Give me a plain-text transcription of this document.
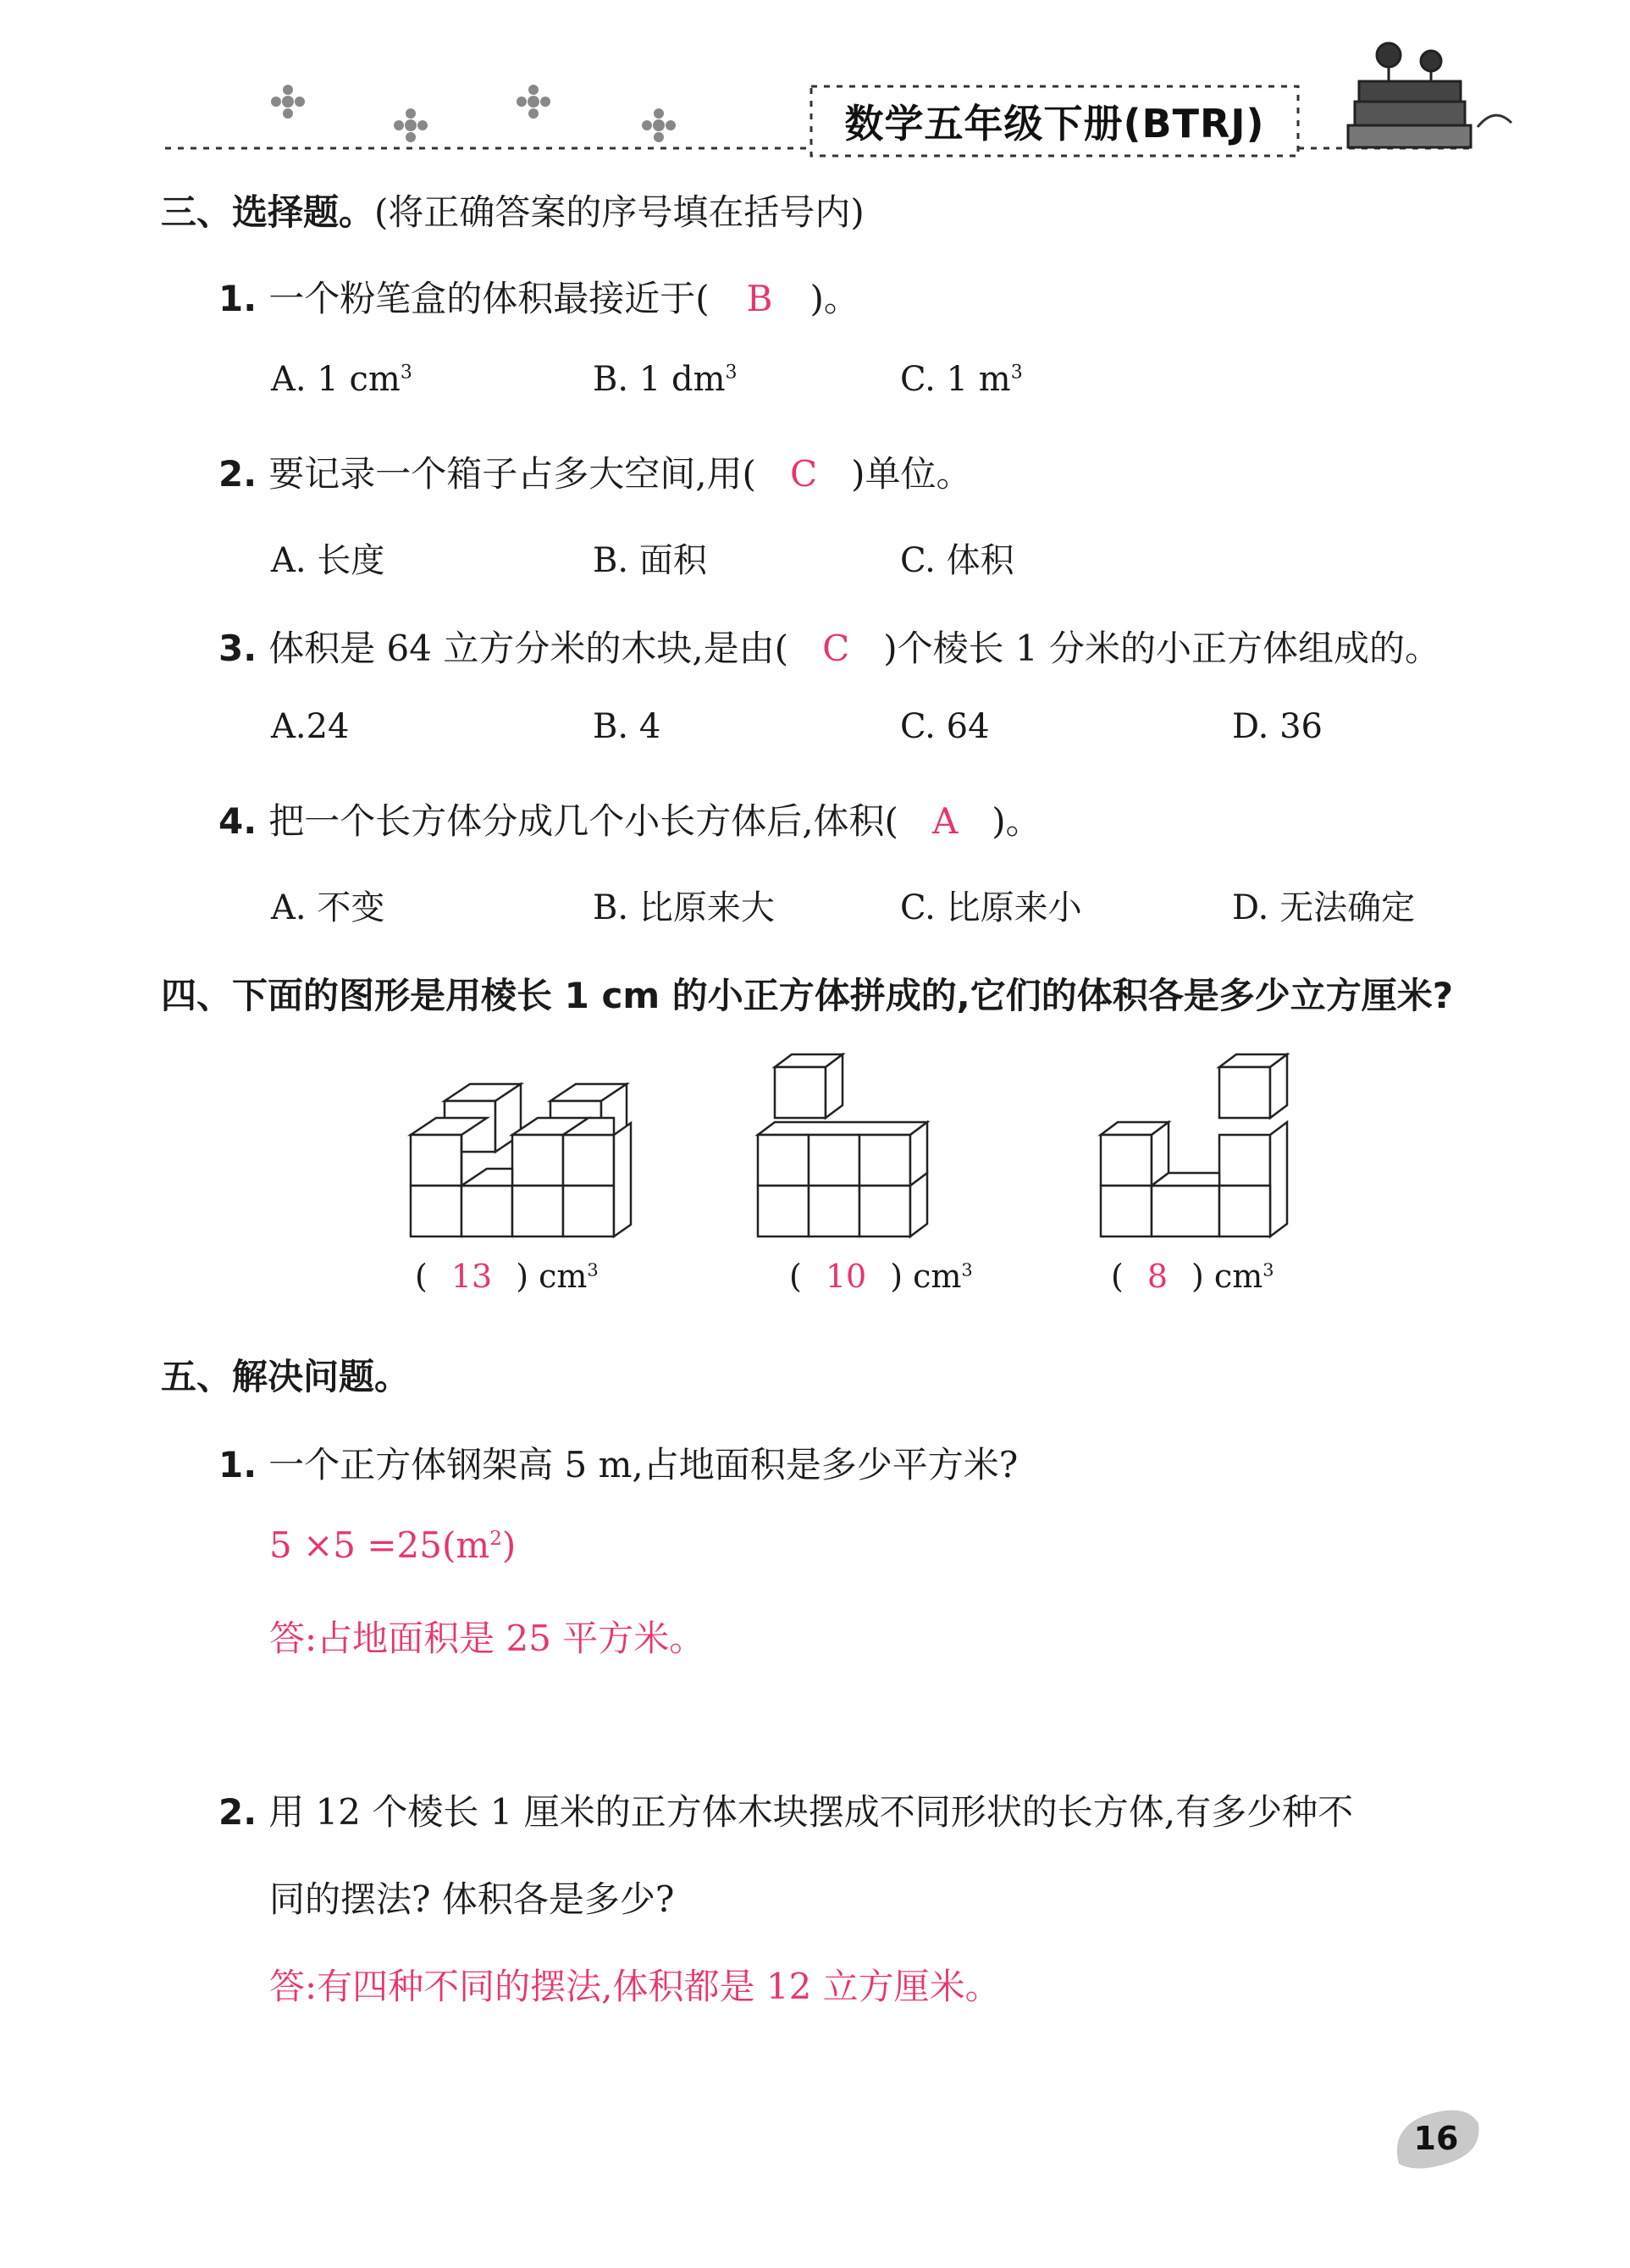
数学五年级下册(BTRJ)
三、选择题。(将正确答案的序号填在括号内)
1. 一个粉笔盒的体积最接近于( B )。
A. 1 $cm^3$	B. 1 $dm^3$	C. 1 $m^3$
2. 要记录一个箱子占多大空间,用( C )单位。
A. 长度	B. 面积	C. 体积
3. 体积是 64 立方分米的木块,是由( C )个棱长 1 分米的小正方体组成的。
A.24	B. 4	C. 64	D. 36
4. 把一个长方体分成几个小长方体后,体积( A )。
A. 不变	B. 比原来大	C. 比原来小	D. 无法确定
四、下面的图形是用棱长 1 cm 的小正方体拼成的,它们的体积各是多少立方厘米?
( 13 ) $cm^3$	( 10 ) $cm^3$	( 8 ) $cm^3$
五、解决问题。
1. 一个正方体钢架高 5 m,占地面积是多少平方米?
$5 \times 5 =25(m^2)$
答:占地面积是 25 平方米。
2. 用 12 个棱长 1 厘米的正方体木块摆成不同形状的长方体,有多少种不
同的摆法? 体积各是多少?
答:有四种不同的摆法,体积都是 12 立方厘米。
16
